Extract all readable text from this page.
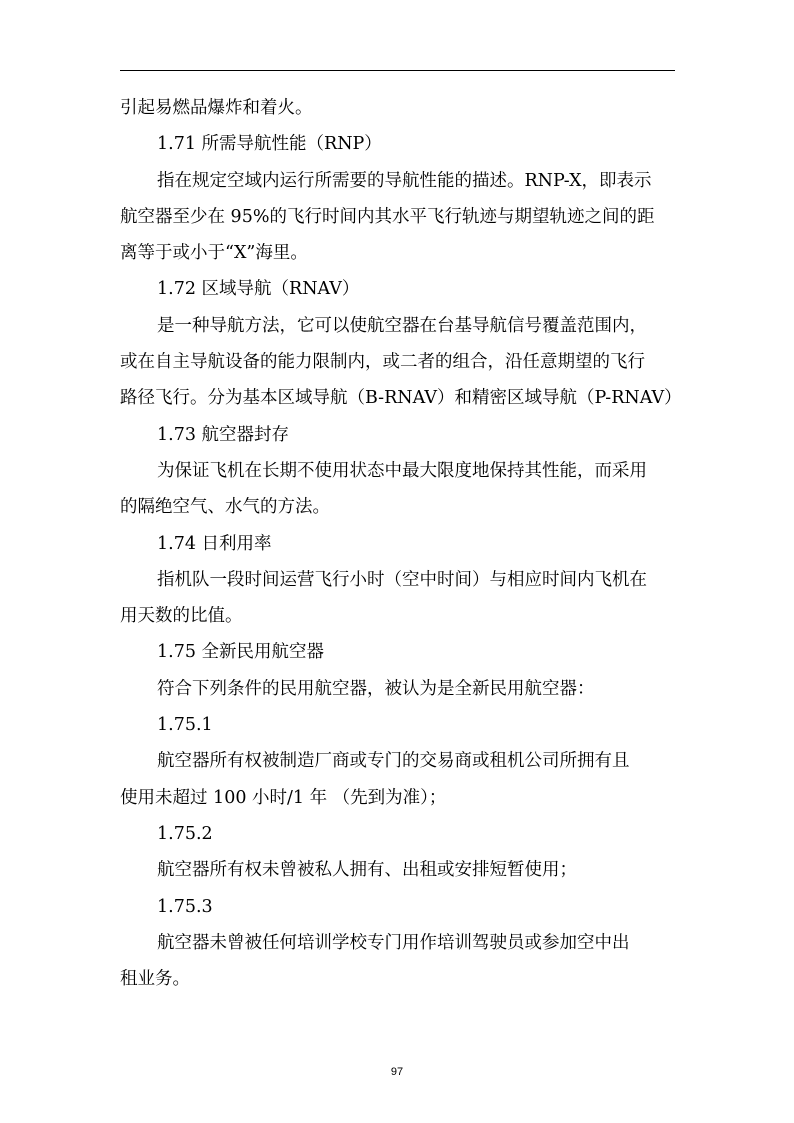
引起易燃品爆炸和着火。
1.71 所需导航性能（RNP）
指在规定空域内运行所需要的导航性能的描述。RNP-X，即表示
航空器至少在 95%的飞行时间内其水平飞行轨迹与期望轨迹之间的距
离等于或小于“X”海里。
1.72 区域导航（RNAV）
是一种导航方法，它可以使航空器在台基导航信号覆盖范围内，
或在自主导航设备的能力限制内，或二者的组合，沿任意期望的飞行
路径飞行。分为基本区域导航（B-RNAV）和精密区域导航（P-RNAV）
1.73 航空器封存
为保证飞机在长期不使用状态中最大限度地保持其性能，而采用
的隔绝空气、水气的方法。
1.74 日利用率
指机队一段时间运营飞行小时（空中时间）与相应时间内飞机在
用天数的比值。
1.75 全新民用航空器
符合下列条件的民用航空器，被认为是全新民用航空器：
1.75.1
航空器所有权被制造厂商或专门的交易商或租机公司所拥有且
使用未超过 100 小时/1 年 （先到为准）；
1.75.2
航空器所有权未曾被私人拥有、出租或安排短暂使用；
1.75.3
航空器未曾被任何培训学校专门用作培训驾驶员或参加空中出
租业务。
97
